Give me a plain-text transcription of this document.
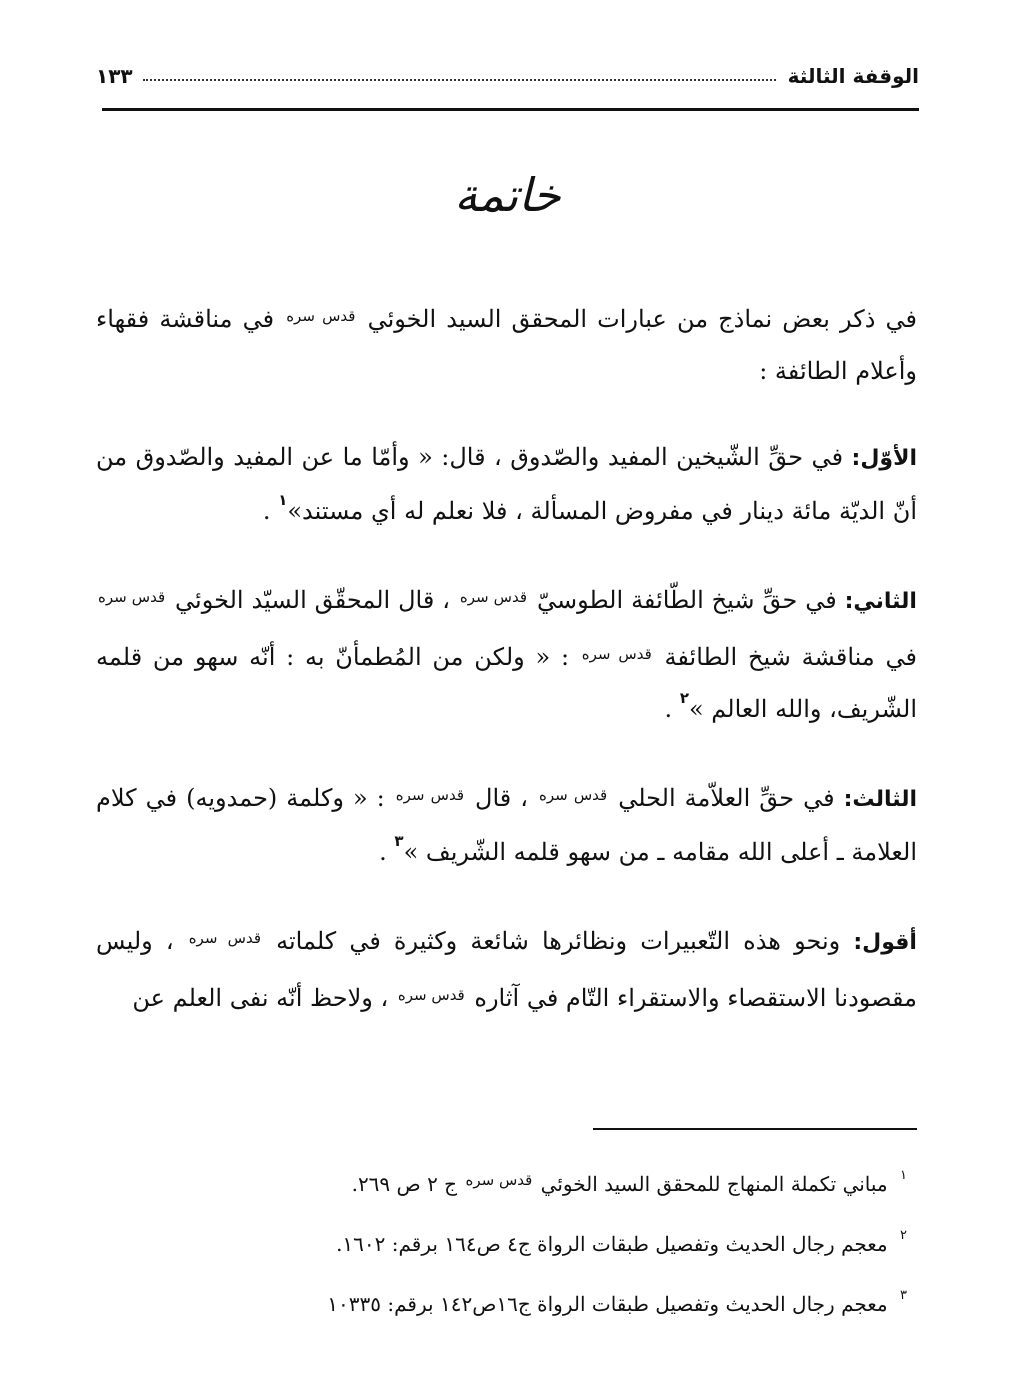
الوقفة الثالثة
١٣٣
خاتمة

في ذكر بعض نماذج من عبارات المحقق السيد الخوئي $^{قدس سره}$ في مناقشة فقهاء وأعلام الطائفة :

الأوّل: في حقِّ الشّيخين المفيد والصّدوق ، قال: « وأمّا ما عن المفيد والصّدوق من أنّ الديّة مائة دينار في مفروض المسألة ، فلا نعلم له أي مستند»$^١$ .

الثاني: في حقِّ شيخ الطّائفة الطوسيّ $^{قدس سره}$ ، قال المحقّق السيّد الخوئي $^{قدس سره}$ في مناقشة شيخ الطائفة $^{قدس سره}$ : « ولكن من المُطمأنّ به : أنّه سهو من قلمه الشّريف، والله العالم »$^٢$ .

الثالث: في حقِّ العلاّمة الحلي $^{قدس سره}$ ، قال $^{قدس سره}$ : « وكلمة (حمدويه) في كلام العلامة ـ أعلى الله مقامه ـ من سهو قلمه الشّريف »$^٣$ .

أقول: ونحو هذه التّعبيرات ونظائرها شائعة وكثيرة في كلماته $^{قدس سره}$ ، وليس مقصودنا الاستقصاء والاستقراء التّام في آثاره $^{قدس سره}$ ، ولاحظ أنّه نفى العلم عن

$^١$ مباني تكملة المنهاج للمحقق السيد الخوئي $^{قدس سره}$ ج ٢ ص ٢٦٩.
$^٢$ معجم رجال الحديث وتفصيل طبقات الرواة ج٤ ص١٦٤ برقم: ١٦٠٢.
$^٣$ معجم رجال الحديث وتفصيل طبقات الرواة ج١٦ص١٤٢ برقم: ١٠٣٣٥
